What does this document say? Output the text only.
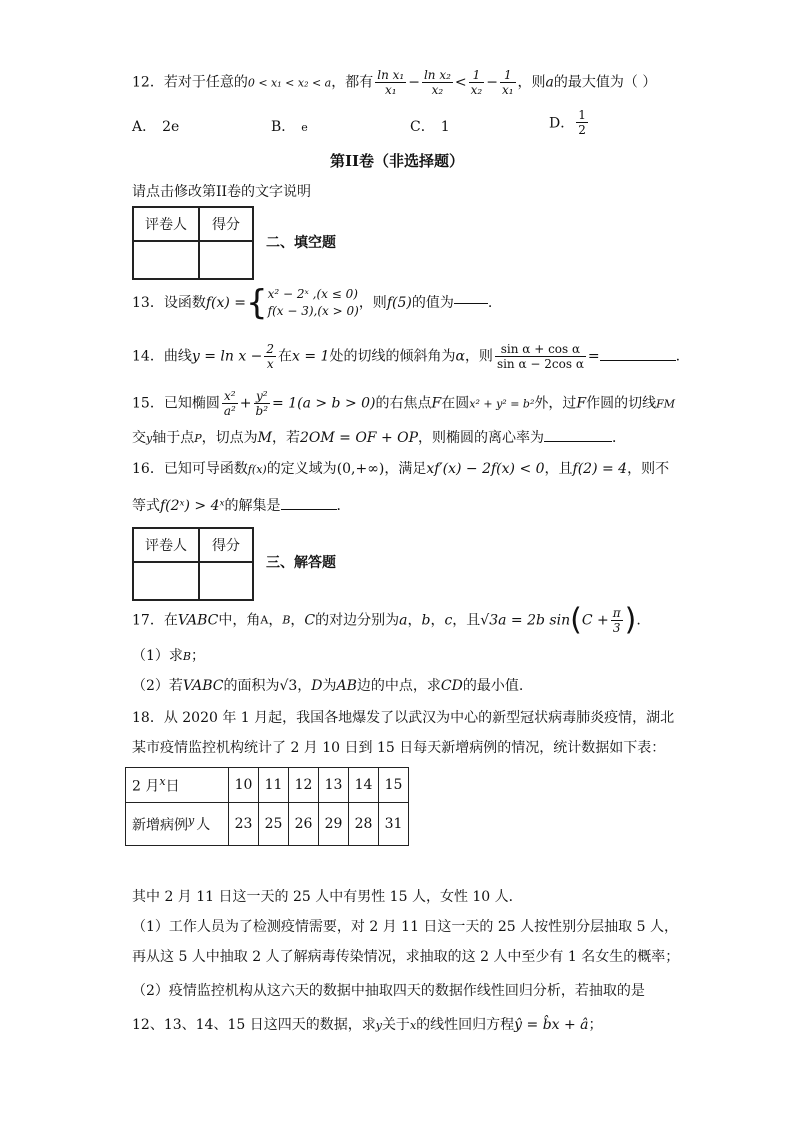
12．若对于任意的0 < x₁ < x₂ < a，都有 $\frac{\text{ln x₁}}{\text{x₁}} - \frac{\text{ln x₂}}{\text{x₂}} < \frac{1}{\text{x₂}} - \frac{1}{\text{x₁}}$ ，则a的最大值为（ ）
A． 2e	B． e	C． 1	D． $\frac{1}{2}$
第II卷（非选择题）
请点击修改第II卷的文字说明
评卷人	得分

二、填空题
13．设函数f(x) ={ x² − 2ˣ ,(x ≤ 0)
f(x − 3),(x > 0) ，则f(5)的值为 .
14．曲线$y = \ln x - \frac{2}{x}$ 在x = 1处的切线的倾斜角为α，则 $\frac{\text{sin α + cos α}}{\text{sin α − 2cos α}}$ =	.
15．已知椭圆 $\frac{\text{x²}}{\text{a²}} + \frac{\text{y²}}{\text{b²}} = 1(a > b > 0)$的右焦点F在圆x² + y² = b²外，过F作圆的切线FM
交y轴于点P，切点为M，若2OM = OF + OP，则椭圆的离心率为	．
16．已知可导函数f(x)的定义域为(0,+∞)，满足xf′(x) − 2f(x) < 0，且f(2) = 4，则不
等式f(2ˣ) > 4ˣ的解集是	．
评卷人	得分

三、解答题
17．在VABC中，角A，B，C的对边分别为a，b，c，且√3a = 2b $\sin(C + \frac{\pi}{3}$ ).
（1）求B；
（2）若VABC的面积为√3，D为AB边的中点，求CD的最小值.
18．从 2020 年 1 月起，我国各地爆发了以武汉为中心的新型冠状病毒肺炎疫情，湖北
某市疫情监控机构统计了 2 月 10 日到 15 日每天新增病例的情况，统计数据如下表：
2 月$^x$日	10	11	12	13	14	15
新增病例$^y$ 人	23	25	26	29	28	31
其中 2 月 11 日这一天的 25 人中有男性 15 人，女性 10 人．
（1）工作人员为了检测疫情需要，对 2 月 11 日这一天的 25 人按性别分层抽取 5 人，
再从这 5 人中抽取 2 人了解病毒传染情况，求抽取的这 2 人中至少有 1 名女生的概率；
（2）疫情监控机构从这六天的数据中抽取四天的数据作线性回归分析，若抽取的是
12、13、14、15 日这四天的数据，求y关于x的线性回归方程ŷ = b̂x + â；
